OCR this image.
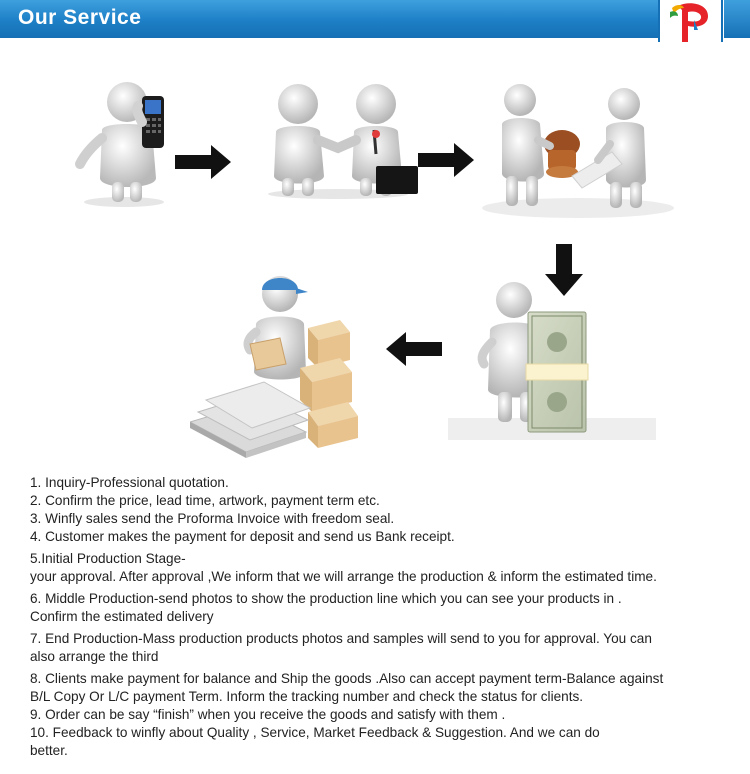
Our Service
1. Inquiry-Professional quotation.
2. Confirm the price, lead time, artwork, payment term etc.
3. Winfly sales send the Proforma Invoice with freedom seal.
4. Customer makes the payment for deposit and send us Bank receipt.
5.Initial Production Stage-
your approval. After approval ,We inform that we will arrange the production & inform the estimated time.
6. Middle Production-send photos to show the production line which you can see your products in .
Confirm the estimated delivery
7. End Production-Mass production products photos and samples will send to you for approval. You can
also arrange the third
8. Clients make payment for balance and Ship the goods .Also can accept payment term-Balance against
B/L Copy Or L/C payment Term. Inform the tracking number and check the status for clients.
9. Order can be say “finish” when you receive the goods and satisfy with them .
10. Feedback to winfly about Quality , Service, Market Feedback & Suggestion. And we can do
better.
